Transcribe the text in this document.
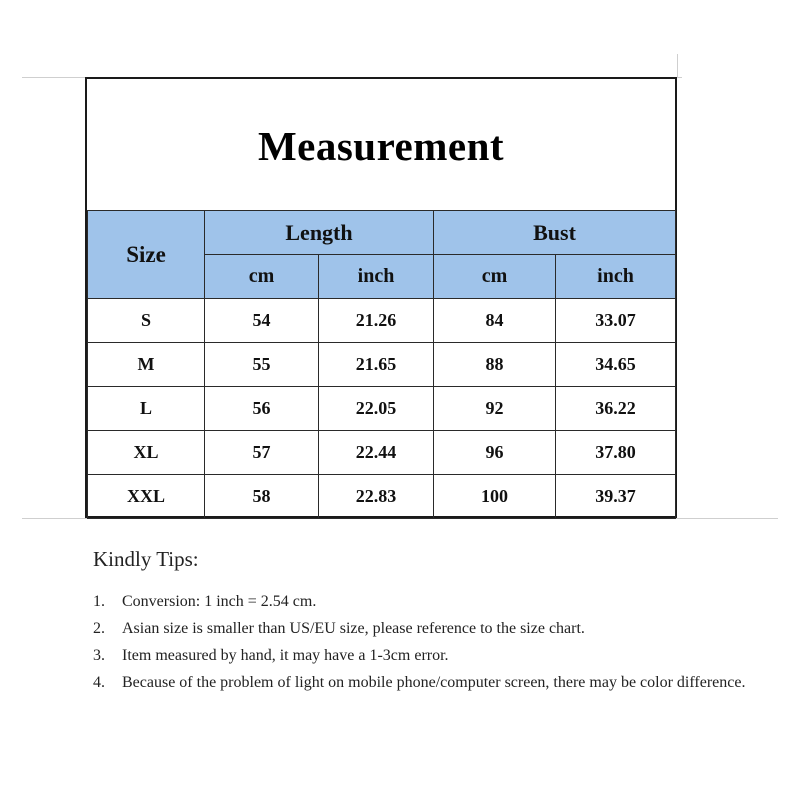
Measurement
Size	Length		Bust	
	cm	inch	cm	inch
S	54	21.26	84	33.07
M	55	21.65	88	34.65
L	56	22.05	92	36.22
XL	57	22.44	96	37.80
XXL	58	22.83	100	39.37
Kindly Tips:
1. Conversion: 1 inch = 2.54 cm.
2. Asian size is smaller than US/EU size, please reference to the size chart.
3. Item measured by hand, it may have a 1-3cm error.
4. Because of the problem of light on mobile phone/computer screen, there may be color difference.
